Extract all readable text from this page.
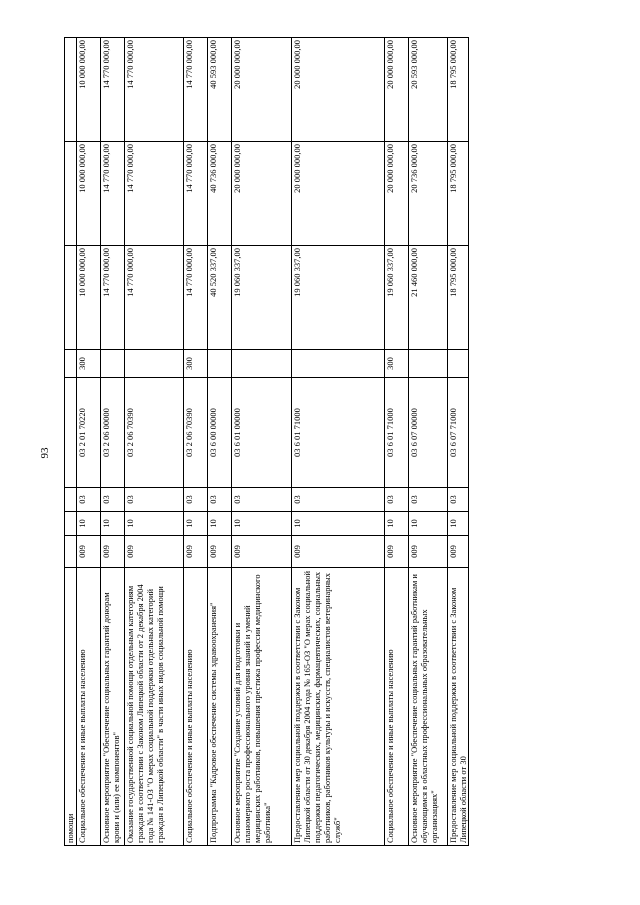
93
помощи								
Социальное обеспечение и иные выплаты населению	009	10	03	03 2 01 70220	300	10 000 000,00	10 000 000,00	10 000 000,00
Основное мероприятие "Обеспечение социальных гарантий донорам крови и (или) ее компонентов"	009	10	03	03 2 06 00000		14 770 000,00	14 770 000,00	14 770 000,00
Оказание государственной социальной помощи отдельным категориям граждан в соответствии с Законом Липецкой области от 2 декабря 2004 года № 141-ОЗ "О мерах социальной поддержки отдельных категорий граждан в Липецкой области" в части иных видов социальной помощи	009	10	03	03 2 06 70390		14 770 000,00	14 770 000,00	14 770 000,00
Социальное обеспечение и иные выплаты населению	009	10	03	03 2 06 70390	300	14 770 000,00	14 770 000,00	14 770 000,00
Подпрограмма "Кадровое обеспечение системы здравоохранения"	009	10	03	03 6 00 00000		40 520 337,00	40 736 000,00	40 593 000,00
Основное мероприятие "Создание условий для подготовки и планомерного роста профессионального уровня знаний и умений медицинских работников, повышения престижа профессии медицинского работника"	009	10	03	03 6 01 00000		19 060 337,00	20 000 000,00	20 000 000,00
Предоставление мер социальной поддержки в соответствии с Законом Липецкой области от 30 декабря 2004 года № 165-ОЗ "О мерах социальной поддержки педагогических, медицинских, фармацевтических, социальных работников, работников культуры и искусств, специалистов ветеринарных служб"	009	10	03	03 6 01 71000		19 060 337,00	20 000 000,00	20 000 000,00
Социальное обеспечение и иные выплаты населению	009	10	03	03 6 01 71000	300	19 060 337,00	20 000 000,00	20 000 000,00
Основное мероприятие "Обеспечение социальных гарантий работникам и обучающимся в областных профессиональных образовательных организациях"	009	10	03	03 6 07 00000		21 460 000,00	20 736 000,00	20 593 000,00
Предоставление мер социальной поддержки в соответствии с Законом Липецкой области от 30	009	10	03	03 6 07 71000		18 795 000,00	18 795 000,00	18 795 000,00
